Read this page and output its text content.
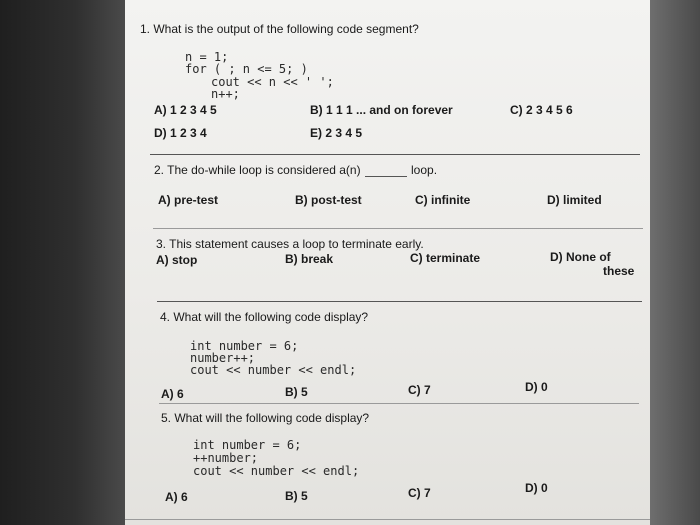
1. What is the output of the following code segment?
n = 1;
for ( ; n <= 5; )
cout << n << ' ';
n++;
A) 1 2 3 4 5	B) 1 1 1 ... and on forever	C) 2 3 4 5 6
D) 1 2 3 4	E) 2 3 4 5
2. The do-while loop is considered a(n)	loop.
A) pre-test	B) post-test	C) infinite	D) limited
3. This statement causes a loop to terminate early.
A) stop	B) break	C) terminate	D) None of
these
4. What will the following code display?
int number = 6;
number++;
cout << number << endl;
A) 6	B) 5	C) 7	D) 0
5. What will the following code display?
int number = 6;
++number;
cout << number << endl;
A) 6	B) 5	C) 7	D) 0
